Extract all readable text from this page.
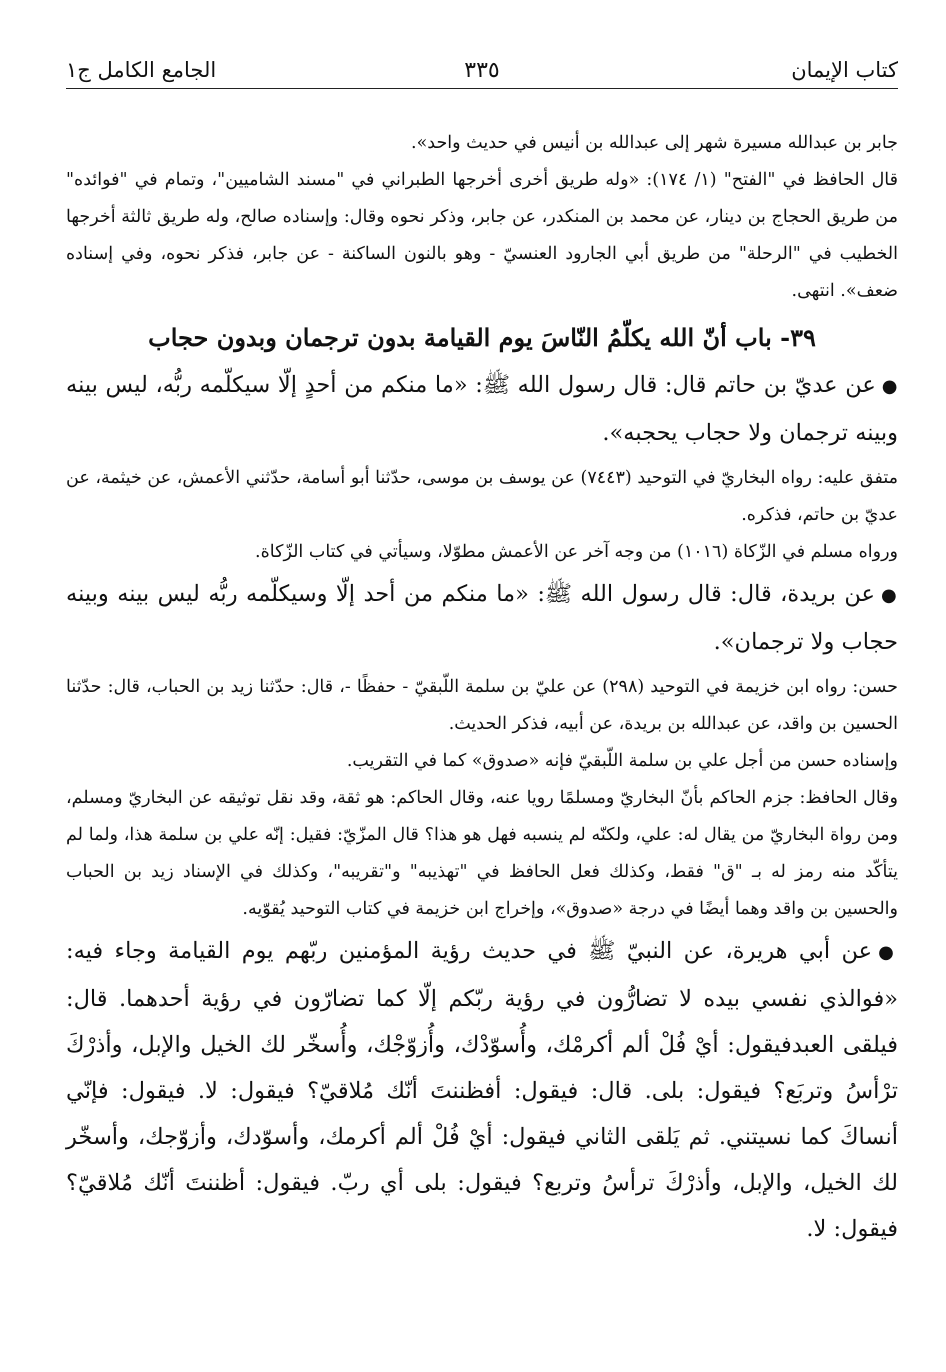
كتاب الإيمان
٣٣٥
الجامع الكامل ج١

جابر بن عبدالله مسيرة شهر إلى عبدالله بن أنيس في حديث واحد».

قال الحافظ في "الفتح" (١/ ١٧٤): «وله طريق أخرى أخرجها الطبراني في "مسند الشاميين"، وتمام في "فوائده" من طريق الحجاج بن دينار، عن محمد بن المنكدر، عن جابر، وذكر نحوه وقال: وإسناده صالح، وله طريق ثالثة أخرجها الخطيب في "الرحلة" من طريق أبي الجارود العنسيّ - وهو بالنون الساكنة - عن جابر، فذكر نحوه، وفي إسناده ضعف». انتهى.

٣٩- باب أنّ الله يكلّمُ النّاسَ يوم القيامة بدون ترجمان وبدون حجاب

●عن عديّ بن حاتم قال: قال رسول الله ﷺ: «ما منكم من أحدٍ إلّا سيكلّمه ربُّه، ليس بينه وبينه ترجمان ولا حجاب يحجبه».

متفق عليه: رواه البخاريّ في التوحيد (٧٤٤٣) عن يوسف بن موسى، حدّثنا أبو أسامة، حدّثني الأعمش، عن خيثمة، عن عديّ بن حاتم، فذكره.

ورواه مسلم في الزّكاة (١٠١٦) من وجه آخر عن الأعمش مطوّلا، وسيأتي في كتاب الزّكاة.

●عن بريدة، قال: قال رسول الله ﷺ: «ما منكم من أحد إلّا وسيكلّمه ربُّه ليس بينه وبينه حجاب ولا ترجمان».

حسن: رواه ابن خزيمة في التوحيد (٢٩٨) عن عليّ بن سلمة اللّبقيّ - حفظًا -، قال: حدّثنا زيد بن الحباب، قال: حدّثنا الحسين بن واقد، عن عبدالله بن بريدة، عن أبيه، فذكر الحديث.

وإسناده حسن من أجل علي بن سلمة اللّبقيّ فإنه «صدوق» كما في التقريب.

وقال الحافظ: جزم الحاكم بأنّ البخاريّ ومسلمًا رويا عنه، وقال الحاكم: هو ثقة، وقد نقل توثيقه عن البخاريّ ومسلم، ومن رواة البخاريّ من يقال له: علي، ولكنّه لم ينسبه فهل هو هذا؟ قال المزّيّ: فقيل: إنّه علي بن سلمة هذا، ولما لم يتأكّد منه رمز له بـ "ق" فقط، وكذلك فعل الحافظ في "تهذيبه" و"تقريبه"، وكذلك في الإسناد زيد بن الحباب والحسين بن واقد وهما أيضًا في درجة «صدوق»، وإخراج ابن خزيمة في كتاب التوحيد يُقوّيه.

●عن أبي هريرة، عن النبيّ ﷺ في حديث رؤية المؤمنين ربّهم يوم القيامة وجاء فيه: «فوالذي نفسي بيده لا تضارُّون في رؤية ربّكم إلّا كما تضارّون في رؤية أحدهما. قال: فيلقى العبدفيقول: أيْ فُلْ ألم أكرمْك، وأُسوّدْك، وأُزوّجْك، وأُسخّر لك الخيل والإبل، وأذرْكَ ترْأسُ وتربَع؟ فيقول: بلى. قال: فيقول: أفظننتَ أنّك مُلاقيّ؟ فيقول: لا. فيقول: فإنّي أنساكَ كما نسيتني. ثم يَلقى الثاني فيقول: أيْ فُلْ ألم أكرمك، وأسوّدك، وأزوّجك، وأسخّر لك الخيل، والإبل، وأذرْكَ ترأسُ وتربع؟ فيقول: بلى أي ربّ. فيقول: أظننتَ أنّك مُلاقيّ؟ فيقول: لا.
